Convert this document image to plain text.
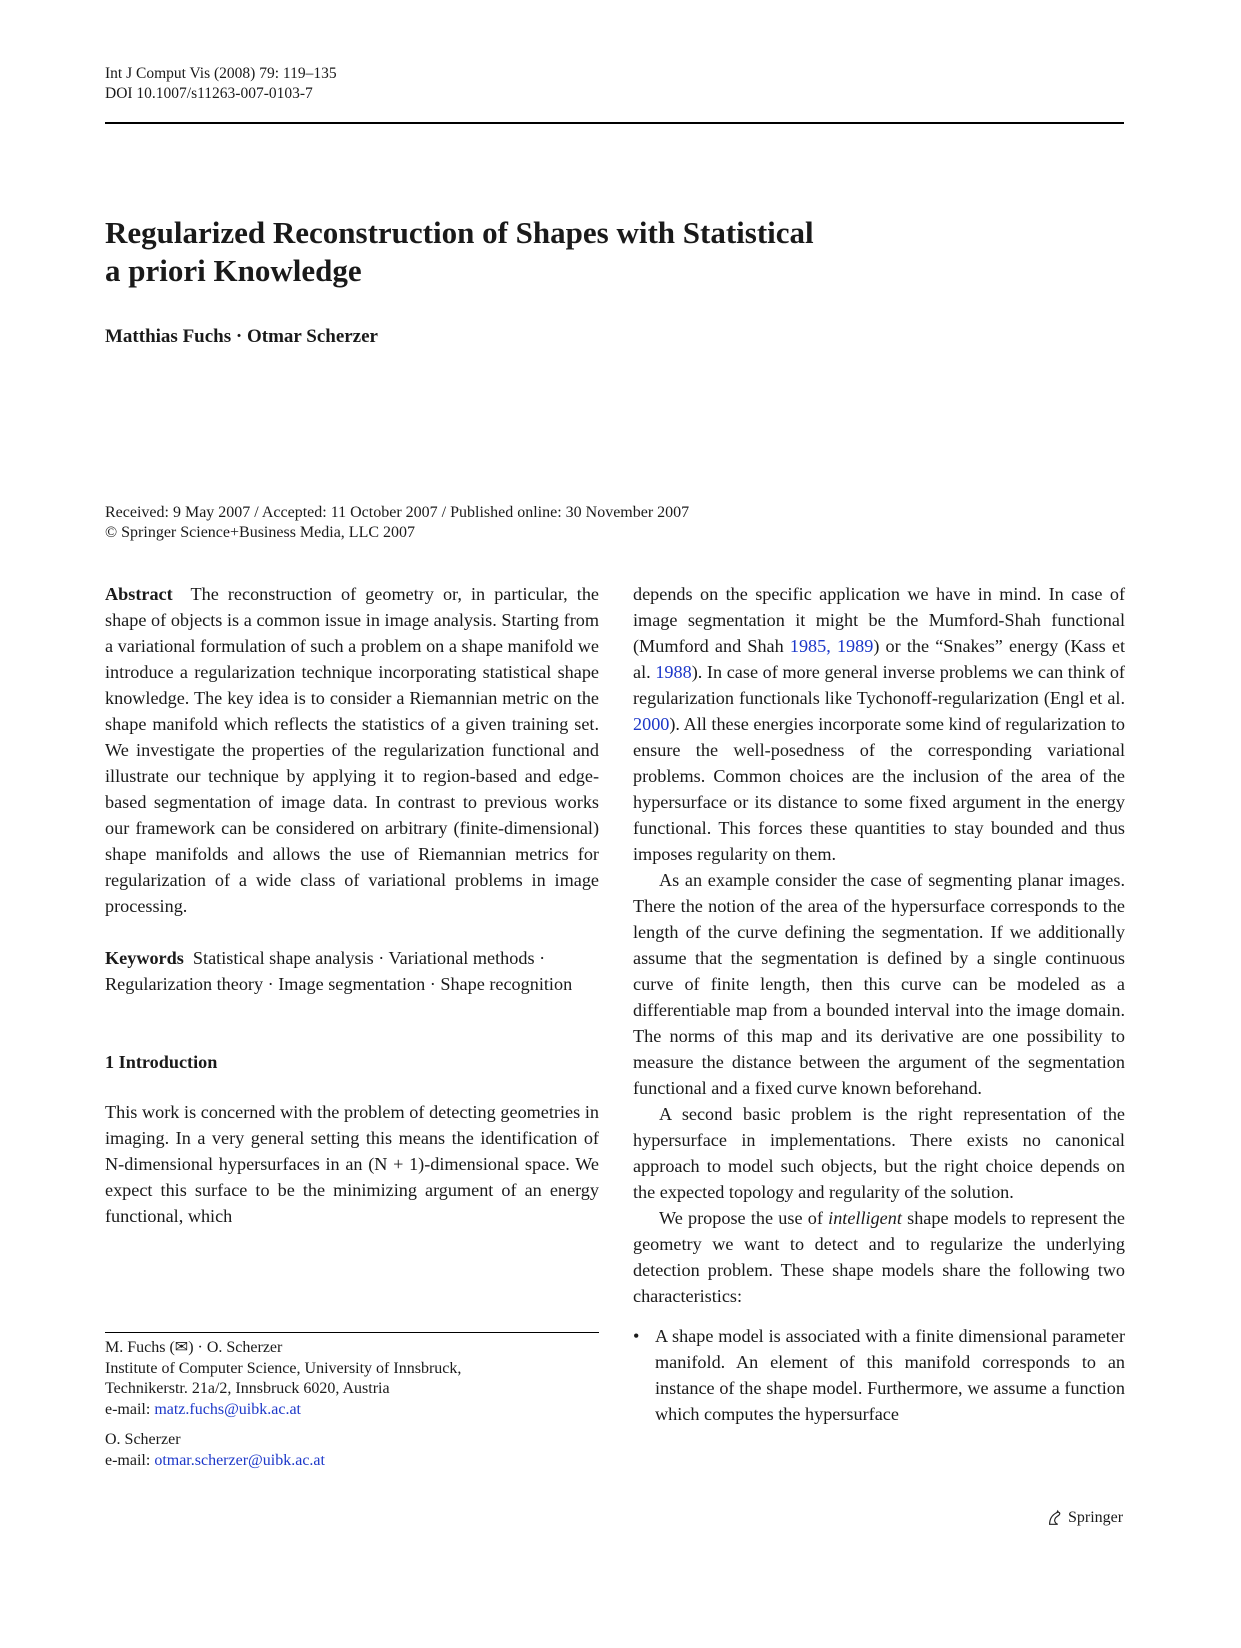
Int J Comput Vis (2008) 79: 119–135
DOI 10.1007/s11263-007-0103-7
Regularized Reconstruction of Shapes with Statistical
a priori Knowledge
Matthias Fuchs · Otmar Scherzer
Received: 9 May 2007 / Accepted: 11 October 2007 / Published online: 30 November 2007
© Springer Science+Business Media, LLC 2007

Abstract The reconstruction of geometry or, in particular, the shape of objects is a common issue in image analysis. Starting from a variational formulation of such a problem on a shape manifold we introduce a regularization technique incorporating statistical shape knowledge. The key idea is to consider a Riemannian metric on the shape manifold which reflects the statistics of a given training set. We investigate the properties of the regularization functional and illustrate our technique by applying it to region-based and edge-based segmentation of image data. In contrast to previous works our framework can be considered on arbitrary (finite-dimensional) shape manifolds and allows the use of Riemannian metrics for regularization of a wide class of variational problems in image processing.

Keywords Statistical shape analysis · Variational methods · Regularization theory · Image segmentation · Shape recognition

1 Introduction

This work is concerned with the problem of detecting geometries in imaging. In a very general setting this means the identification of N-dimensional hypersurfaces in an (N + 1)-dimensional space. We expect this surface to be the minimizing argument of an energy functional, which

M. Fuchs (✉) · O. Scherzer

Institute of Computer Science, University of Innsbruck,

Technikerstr. 21a/2, Innsbruck 6020, Austria

e-mail: matz.fuchs@uibk.ac.at

O. Scherzer

e-mail: otmar.scherzer@uibk.ac.at

depends on the specific application we have in mind. In case of image segmentation it might be the Mumford-Shah functional (Mumford and Shah 1985, 1989) or the “Snakes” energy (Kass et al. 1988). In case of more general inverse problems we can think of regularization functionals like Tychonoff-regularization (Engl et al. 2000). All these energies incorporate some kind of regularization to ensure the well-posedness of the corresponding variational problems. Common choices are the inclusion of the area of the hypersurface or its distance to some fixed argument in the energy functional. This forces these quantities to stay bounded and thus imposes regularity on them.

As an example consider the case of segmenting planar images. There the notion of the area of the hypersurface corresponds to the length of the curve defining the segmentation. If we additionally assume that the segmentation is defined by a single continuous curve of finite length, then this curve can be modeled as a differentiable map from a bounded interval into the image domain. The norms of this map and its derivative are one possibility to measure the distance between the argument of the segmentation functional and a fixed curve known beforehand.

A second basic problem is the right representation of the hypersurface in implementations. There exists no canonical approach to model such objects, but the right choice depends on the expected topology and regularity of the solution.

We propose the use of intelligent shape models to represent the geometry we want to detect and to regularize the underlying detection problem. These shape models share the following two characteristics:

• A shape model is associated with a finite dimensional parameter manifold. An element of this manifold corresponds to an instance of the shape model. Furthermore, we assume a function which computes the hypersurface
Springer
